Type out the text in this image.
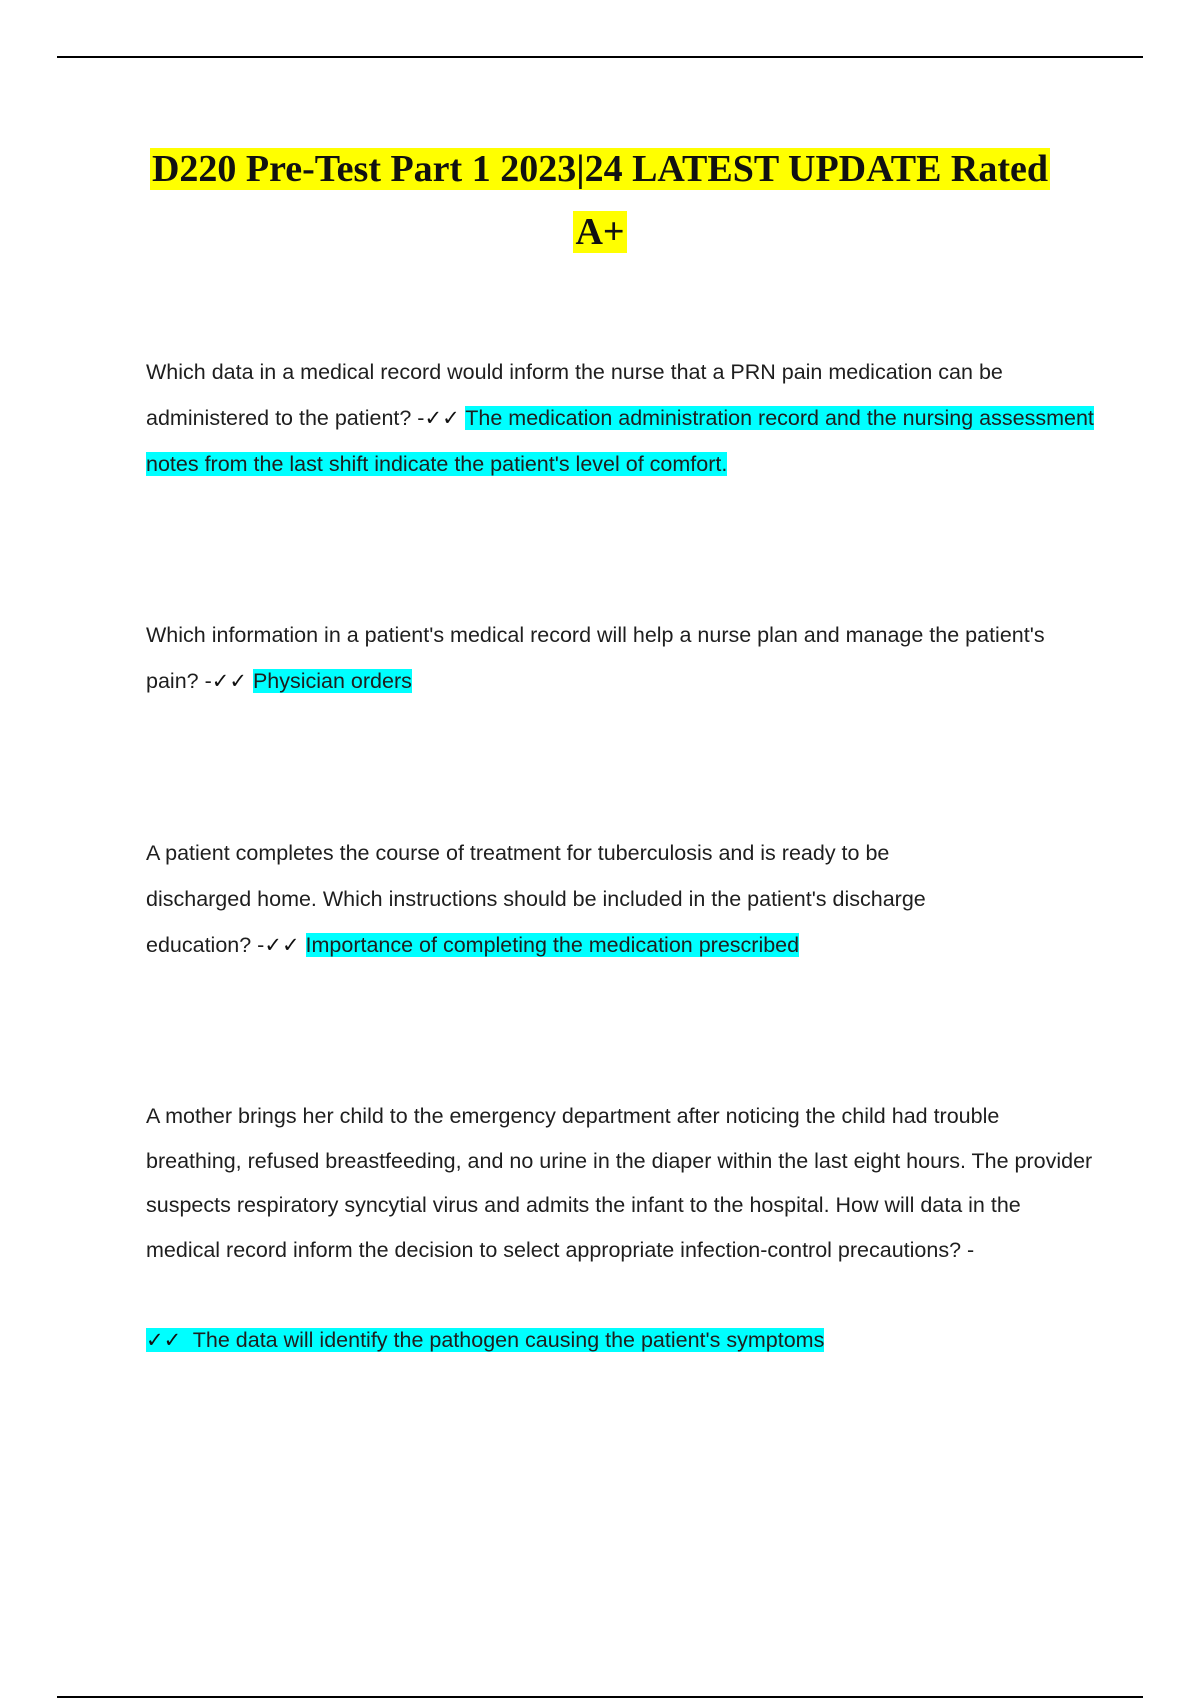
D220 Pre-Test Part 1 2023|24 LATEST UPDATE Rated
A+
Which data in a medical record would inform the nurse that a PRN pain medication can be administered to the patient? -✓✓ The medication administration record and the nursing assessment notes from the last shift indicate the patient's level of comfort.
Which information in a patient's medical record will help a nurse plan and manage the patient's pain? -✓✓ Physician orders
A patient completes the course of treatment for tuberculosis and is ready to be
discharged home. Which instructions should be included in the patient's discharge
education? -✓✓ Importance of completing the medication prescribed
A mother brings her child to the emergency department after noticing the child had trouble breathing, refused breastfeeding, and no urine in the diaper within the last eight hours. The provider suspects respiratory syncytial virus and admits the infant to the hospital. How will data in the medical record inform the decision to select appropriate infection-control precautions? -
✓✓ The data will identify the pathogen causing the patient's symptoms
